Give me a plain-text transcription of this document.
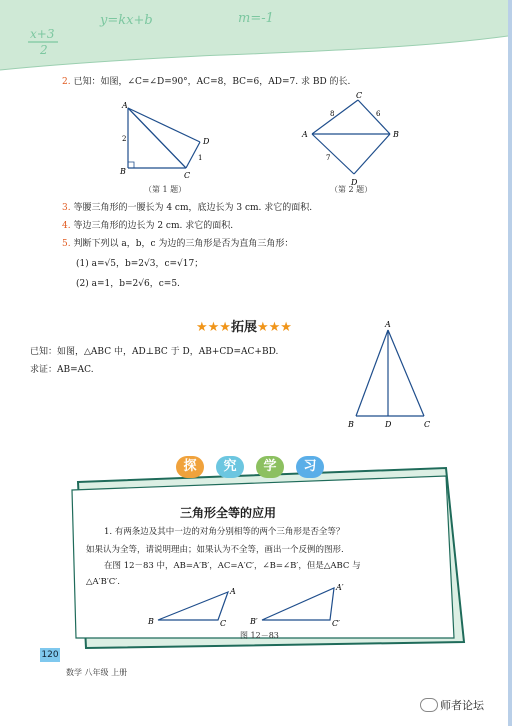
x+3
2
y=kx+b	m=-1
2. 已知：如图，∠C=∠D=90°，AC=8，BC=6，AD=7. 求 BD 的长.
A
B	C
D
2
1
（第 1 题）
C
A	B
D
8	6
7
（第 2 题）
3. 等腰三角形的一腰长为 4 cm，底边长为 3 cm. 求它的面积.
4. 等边三角形的边长为 2 cm. 求它的面积.
5. 判断下列以 a，b，c 为边的三角形是否为直角三角形：
(1) a=√5，b=2√3，c=√17；
(2) a=1，b=2√6，c=5.
★★★拓展★★★
已知：如图，△ABC 中，AD⊥BC 于 D，AB+CD=AC+BD.
求证：AB=AC.
A
B	D	C
探	究	学	习
三角形全等的应用
1. 有两条边及其中一边的对角分别相等的两个三角形是否全等？
如果认为全等，请说明理由；如果认为不全等，画出一个反例的图形.
在图 12－83 中，AB=A′B′，AC=A′C′，∠B=∠B′，但是△ABC 与
△A′B′C′.
B
A
C	B′
A′
C′
图 12－83
120
数学 八年级 上册
师者论坛
